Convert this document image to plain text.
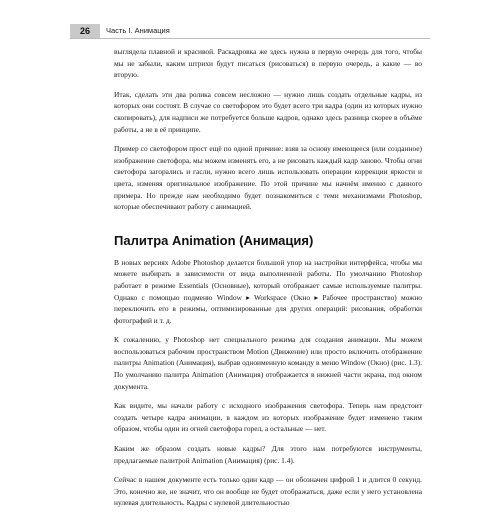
26	Часть I. Анимация

выглядела плавной и красивой. Раскадровка же здесь нужна в первую очередь для того, чтобы мы не забыли, каким штрихи будут писаться (рисоваться) в первую очередь, а какие — во вторую.

Итак, сделать эти два ролика совсем несложно — нужно лишь создать отдельные кадры, из которых они состоят. В случае со светофором это будет всего три кадра (один из которых нужно скопировать), для надписи же потребуется больше кадров, однако здесь разница скорее в объёме работы, а не в её принципе.

Пример со светофором прост ещё по одной причине: взяв за основу имеющееся (или созданное) изображение светофора, мы можем изменять его, а не рисовать каждый кадр заново. Чтобы огни светофора загорались и гасли, нужно всего лишь использовать операции коррекции яркости и цвета, изменяя оригинальное изображение. По этой причине мы начнём именно с данного примера. Но прежде нам необходимо будет познакомиться с теми механизмами Photoshop, которые обеспечивают работу с анимацией.

Палитра Animation (Анимация)

В новых версиях Adobe Photoshop делается большой упор на настройки интерфейса, чтобы мы можете выбирать в зависимости от вида выполненной работы. По умолчанию Photoshop работает в режиме Essentials (Основные), который отображает самые используемые палитры. Однако с помощью подменю Window ▸ Workspace (Окно ▸ Рабочее пространство) можно переключить его в режимы, оптимизированные для других операций: рисования, обработки фотографий и т. д.

К сожалению, у Photoshop нет специального режима для создания анимации. Мы можем воспользоваться рабочим пространством Motion (Движение) или просто включить отображение палитры Animation (Анимация), выбрав одноименную команду в меню Window (Окно) (рис. 1.3). По умолчанию палитра Animation (Анимация) отображается в нижней части экрана, под окном документа.

Как видите, мы начали работу с исходного изображения светофора. Теперь нам предстоит создать четыре кадра анимации, в каждом из которых изображение будет изменено таким образом, чтобы один из огней светофора горел, а остальные — нет.

Каким же образом создать новые кадры? Для этого нам потребуются инструменты, предлагаемые палитрой Animation (Анимация) (рис. 1.4).

Сейчас в нашем документе есть только один кадр — он обозначен цифрой 1 и длится 0 секунд. Это, конечно же, не значит, что он вообще не будет отображаться, даже если у него установлена нулевая длительность. Кадры с нулевой длительностью
